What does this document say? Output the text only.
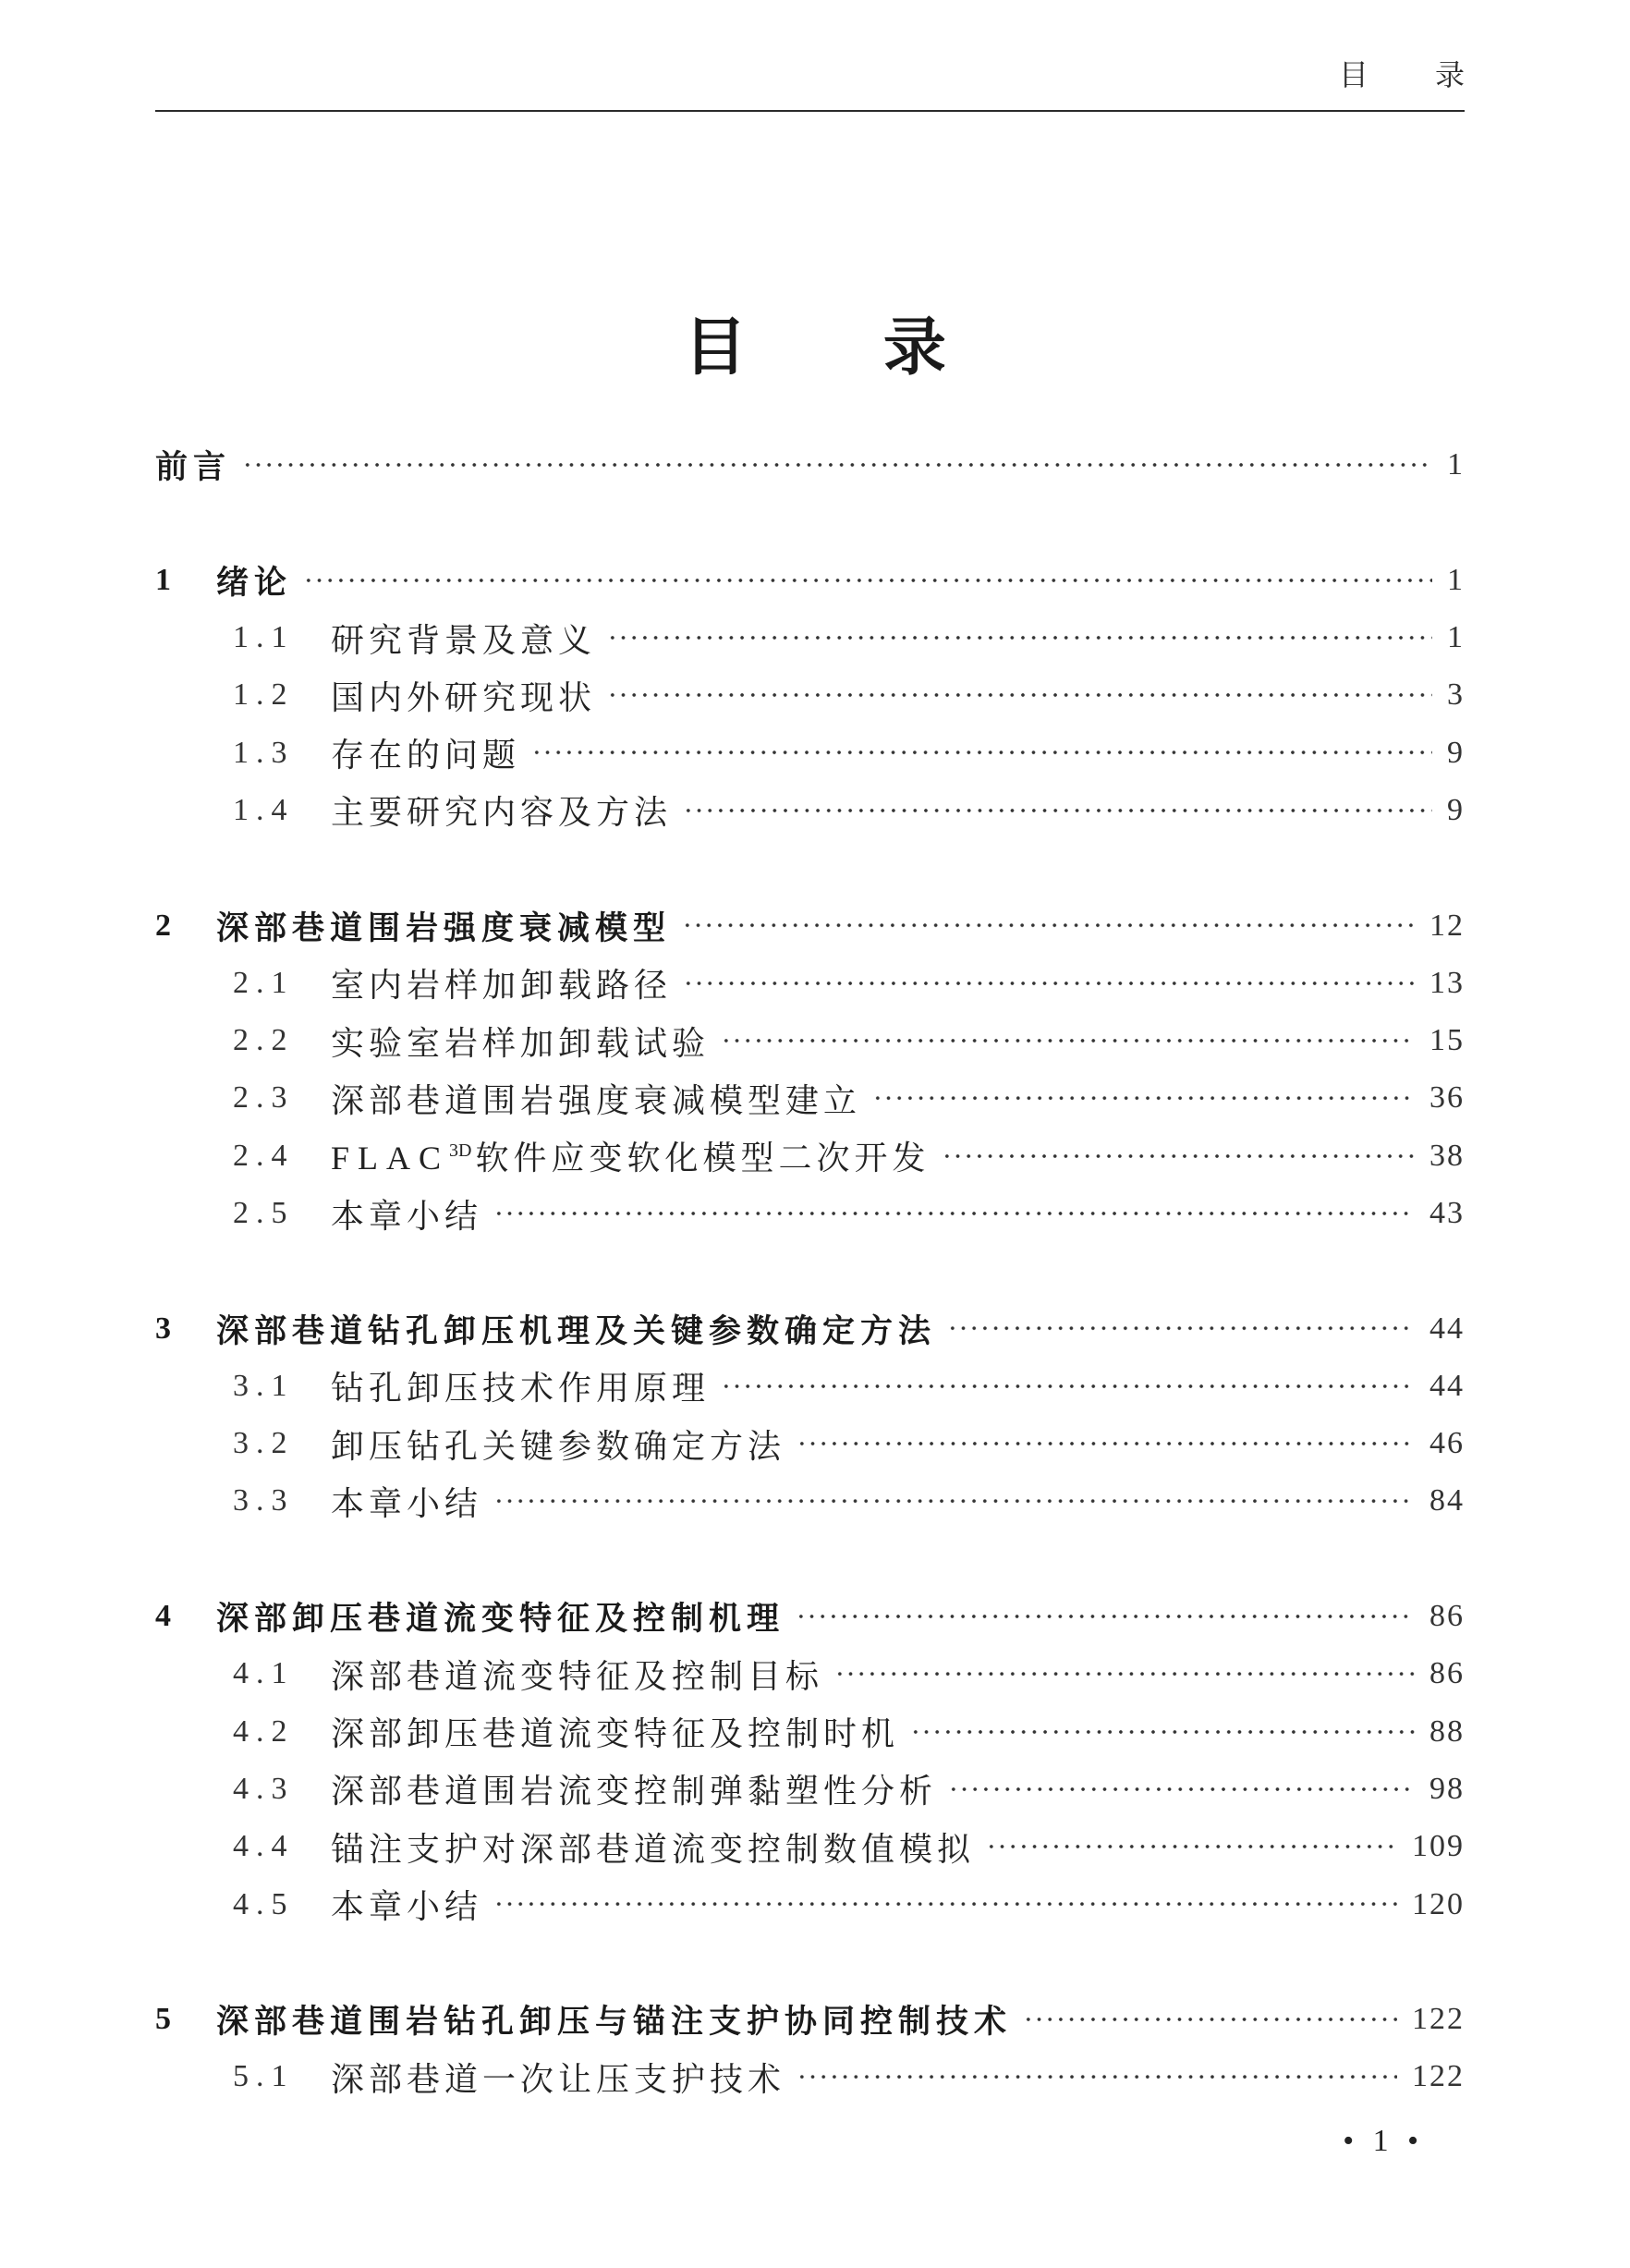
目 录
目 录
前言	1
1	绪论	1
1.1	研究背景及意义	1
1.2	国内外研究现状	3
1.3	存在的问题	9
1.4	主要研究内容及方法	9
2	深部巷道围岩强度衰减模型	12
2.1	室内岩样加卸载路径	13
2.2	实验室岩样加卸载试验	15
2.3	深部巷道围岩强度衰减模型建立	36
2.4	$FLAC^{3D}$ 软件应变软化模型二次开发	38
2.5	本章小结	43
3	深部巷道钻孔卸压机理及关键参数确定方法	44
3.1	钻孔卸压技术作用原理	44
3.2	卸压钻孔关键参数确定方法	46
3.3	本章小结	84
4	深部卸压巷道流变特征及控制机理	86
4.1	深部巷道流变特征及控制目标	86
4.2	深部卸压巷道流变特征及控制时机	88
4.3	深部巷道围岩流变控制弹黏塑性分析	98
4.4	锚注支护对深部巷道流变控制数值模拟	109
4.5	本章小结	120
5	深部巷道围岩钻孔卸压与锚注支护协同控制技术	122
5.1	深部巷道一次让压支护技术	122
• 1 •
